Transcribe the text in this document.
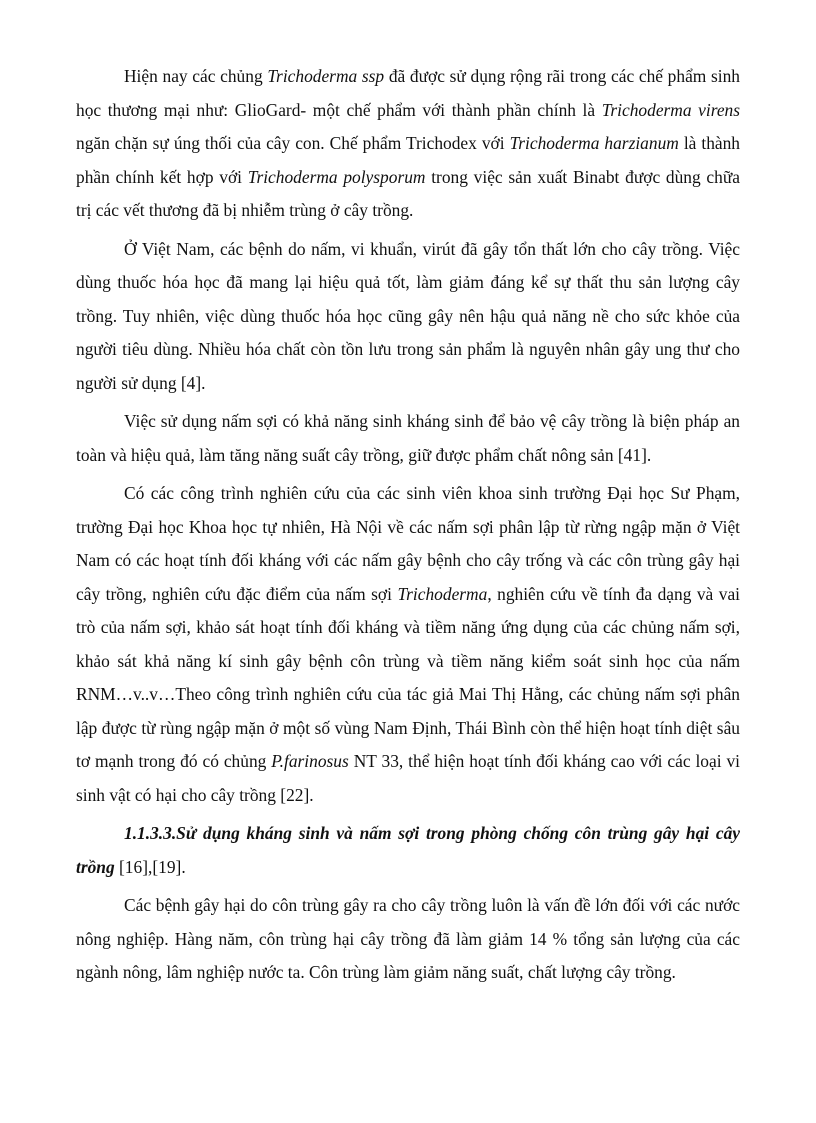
Hiện nay các chủng Trichoderma ssp đã được sử dụng rộng rãi trong các chế phẩm sinh học thương mại như: GlioGard- một chế phẩm với thành phần chính là Trichoderma virens ngăn chặn sự úng thối của cây con. Chế phẩm Trichodex với Trichoderma harzianum là thành phần chính kết hợp với Trichoderma polysporum trong việc sản xuất Binabt được dùng chữa trị các vết thương đã bị nhiễm trùng ở cây trồng.

Ở Việt Nam, các bệnh do nấm, vi khuẩn, virút đã gây tổn thất lớn cho cây trồng. Việc dùng thuốc hóa học đã mang lại hiệu quả tốt, làm giảm đáng kể sự thất thu sản lượng cây trồng. Tuy nhiên, việc dùng thuốc hóa học cũng gây nên hậu quả năng nề cho sức khỏe của người tiêu dùng. Nhiều hóa chất còn tồn lưu trong sản phẩm là nguyên nhân gây ung thư cho người sử dụng [4].

Việc sử dụng nấm sợi có khả năng sinh kháng sinh để bảo vệ cây trồng là biện pháp an toàn và hiệu quả, làm tăng năng suất cây trồng, giữ được phẩm chất nông sản [41].

Có các công trình nghiên cứu của các sinh viên khoa sinh trường Đại học Sư Phạm, trường Đại học Khoa học tự nhiên, Hà Nội về các nấm sợi phân lập từ rừng ngập mặn ở Việt Nam có các hoạt tính đối kháng với các nấm gây bệnh cho cây trống và các côn trùng gây hại cây trồng, nghiên cứu đặc điểm của nấm sợi Trichoderma, nghiên cứu về tính đa dạng và vai trò của nấm sợi, khảo sát hoạt tính đối kháng và tiềm năng ứng dụng của các chủng nấm sợi, khảo sát khả năng kí sinh gây bệnh côn trùng và tiềm năng kiểm soát sinh học của nấm RNM…v..v…Theo công trình nghiên cứu của tác giả Mai Thị Hằng, các chủng nấm sợi phân lập được từ rùng ngập mặn ở một số vùng Nam Định, Thái Bình còn thể hiện hoạt tính diệt sâu tơ mạnh trong đó có chủng P.farinosus NT 33, thể hiện hoạt tính đối kháng cao với các loại vi sinh vật có hại cho cây trồng [22].

1.1.3.3.Sử dụng kháng sinh và nấm sợi trong phòng chống côn trùng gây hại cây trồng [16],[19].

Các bệnh gây hại do côn trùng gây ra cho cây trồng luôn là vấn đề lớn đối với các nước nông nghiệp. Hàng năm, côn trùng hại cây trồng đã làm giảm 14 % tổng sản lượng của các ngành nông, lâm nghiệp nước ta. Côn trùng làm giảm năng suất, chất lượng cây trồng.
